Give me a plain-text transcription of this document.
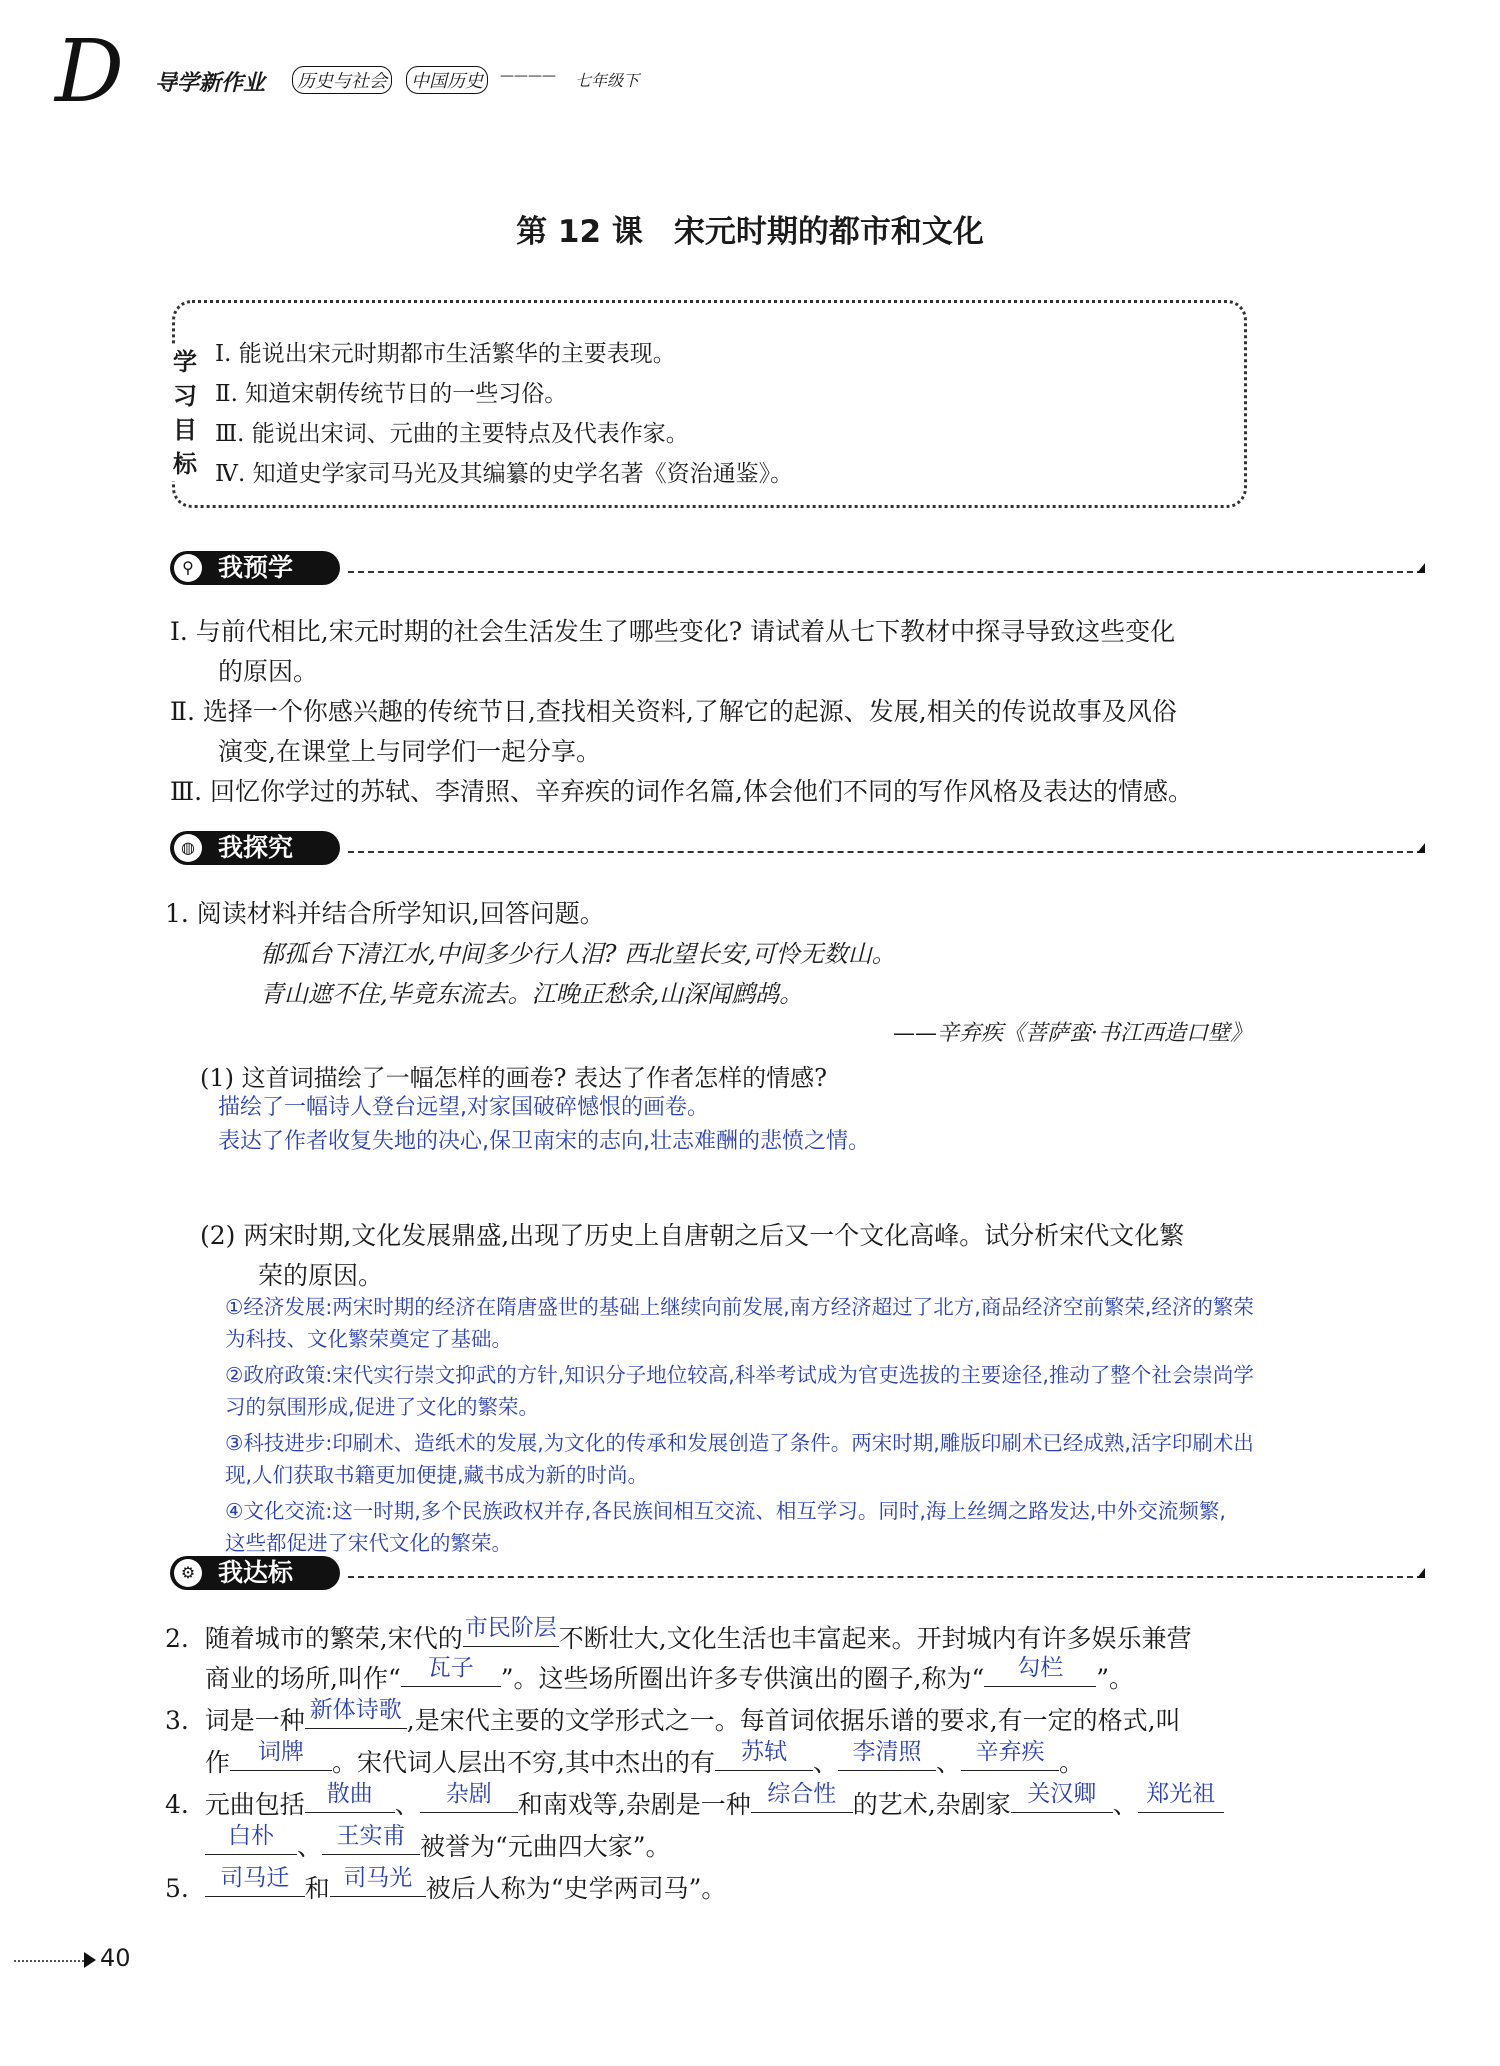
D 导学新作业 历史与社会 中国历史	———— 七年级下
第 12 课　宋元时期的都市和文化
学
习
目
标
Ⅰ. 能说出宋元时期都市生活繁华的主要表现。
Ⅱ. 知道宋朝传统节日的一些习俗。
Ⅲ. 能说出宋词、元曲的主要特点及代表作家。
Ⅳ. 知道史学家司马光及其编纂的史学名著《资治通鉴》。
⚲ 我预学
Ⅰ. 与前代相比,宋元时期的社会生活发生了哪些变化? 请试着从七下教材中探寻导致这些变化
的原因。
Ⅱ. 选择一个你感兴趣的传统节日,查找相关资料,了解它的起源、发展,相关的传说故事及风俗
演变,在课堂上与同学们一起分享。
Ⅲ. 回忆你学过的苏轼、李清照、辛弃疾的词作名篇,体会他们不同的写作风格及表达的情感。
◍ 我探究
1. 阅读材料并结合所学知识,回答问题。
郁孤台下清江水,中间多少行人泪? 西北望长安,可怜无数山。
青山遮不住,毕竟东流去。江晚正愁余,山深闻鹧鸪。
——辛弃疾《菩萨蛮·书江西造口壁》
(1) 这首词描绘了一幅怎样的画卷? 表达了作者怎样的情感?
描绘了一幅诗人登台远望,对家国破碎憾恨的画卷。
表达了作者收复失地的决心,保卫南宋的志向,壮志难酬的悲愤之情。
(2) 两宋时期,文化发展鼎盛,出现了历史上自唐朝之后又一个文化高峰。试分析宋代文化繁
荣的原因。
①经济发展:两宋时期的经济在隋唐盛世的基础上继续向前发展,南方经济超过了北方,商品经济空前繁荣,经济的繁荣
为科技、文化繁荣奠定了基础。
②政府政策:宋代实行崇文抑武的方针,知识分子地位较高,科举考试成为官吏选拔的主要途径,推动了整个社会崇尚学
习的氛围形成,促进了文化的繁荣。
③科技进步:印刷术、造纸术的发展,为文化的传承和发展创造了条件。两宋时期,雕版印刷术已经成熟,活字印刷术出
现,人们获取书籍更加便捷,藏书成为新的时尚。
④文化交流:这一时期,多个民族政权并存,各民族间相互交流、相互学习。同时,海上丝绸之路发达,中外交流频繁,
这些都促进了宋代文化的繁荣。
⚙ 我达标
2. 随着城市的繁荣,宋代的 市民阶层 不断壮大,文化生活也丰富起来。开封城内有许多娱乐兼营
商业的场所,叫作“	瓦子	”。这些场所圈出许多专供演出的圈子,称为“	勾栏	”。
3. 词是一种 新体诗歌 ,是宋代主要的文学形式之一。每首词依据乐谱的要求,有一定的格式,叫
作	词牌	。宋代词人层出不穷,其中杰出的有	苏轼	、 李清照 、 辛弃疾 。
4. 元曲包括 散曲 、	杂剧	和南戏等,杂剧是一种 综合性 的艺术,杂剧家 关汉卿 、 郑光祖
白朴 、 王实甫 被誉为“元曲四大家”。
5.	司马迁 和 司马光 被后人称为“史学两司马”。
40
